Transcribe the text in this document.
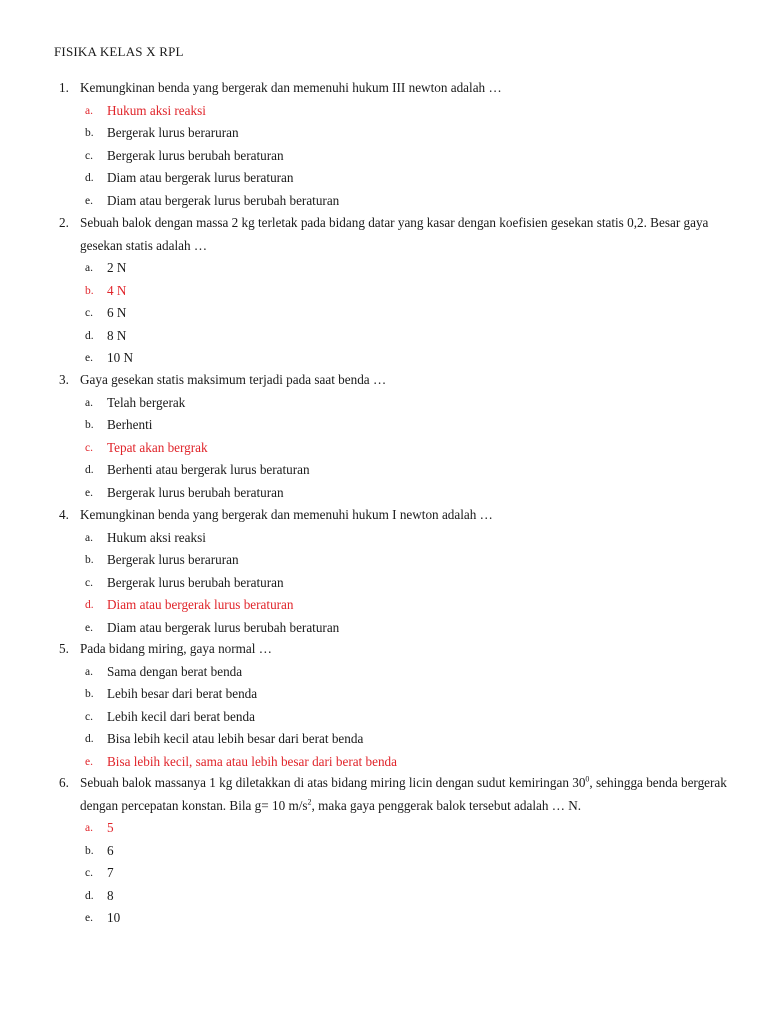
FISIKA KELAS X RPL
1. Kemungkinan benda yang bergerak dan memenuhi hukum III newton adalah …
a.	Hukum aksi reaksi
b.	Bergerak lurus beraruran
c.	Bergerak lurus berubah beraturan
d.	Diam atau bergerak lurus beraturan
e.	Diam atau bergerak lurus berubah beraturan
2. Sebuah balok dengan massa 2 kg terletak pada bidang datar yang kasar dengan koefisien gesekan statis 0,2. Besar gaya gesekan statis adalah …
a.	2 N
b.	4 N
c.	6 N
d.	8 N
e.	10 N
3. Gaya gesekan statis maksimum terjadi pada saat benda …
a.	Telah bergerak
b.	Berhenti
c.	Tepat akan bergrak
d.	Berhenti atau bergerak lurus beraturan
e.	Bergerak lurus berubah beraturan
4. Kemungkinan benda yang bergerak dan memenuhi hukum I newton adalah …
a.	Hukum aksi reaksi
b.	Bergerak lurus beraruran
c.	Bergerak lurus berubah beraturan
d.	Diam atau bergerak lurus beraturan
e.	Diam atau bergerak lurus berubah beraturan
5. Pada bidang miring, gaya normal …
a.	Sama dengan berat benda
b.	Lebih besar dari berat benda
c.	Lebih kecil dari berat benda
d.	Bisa lebih kecil atau lebih besar dari berat benda
e.	Bisa lebih kecil, sama atau lebih besar dari berat benda
6. Sebuah balok massanya 1 kg diletakkan di atas bidang miring licin dengan sudut kemiringan $30^0$, sehingga benda bergerak dengan percepatan konstan. Bila g= 10 $m/s^2$, maka gaya penggerak balok tersebut adalah … N.
a.	5
b.	6
c.	7
d.	8
e.	10
